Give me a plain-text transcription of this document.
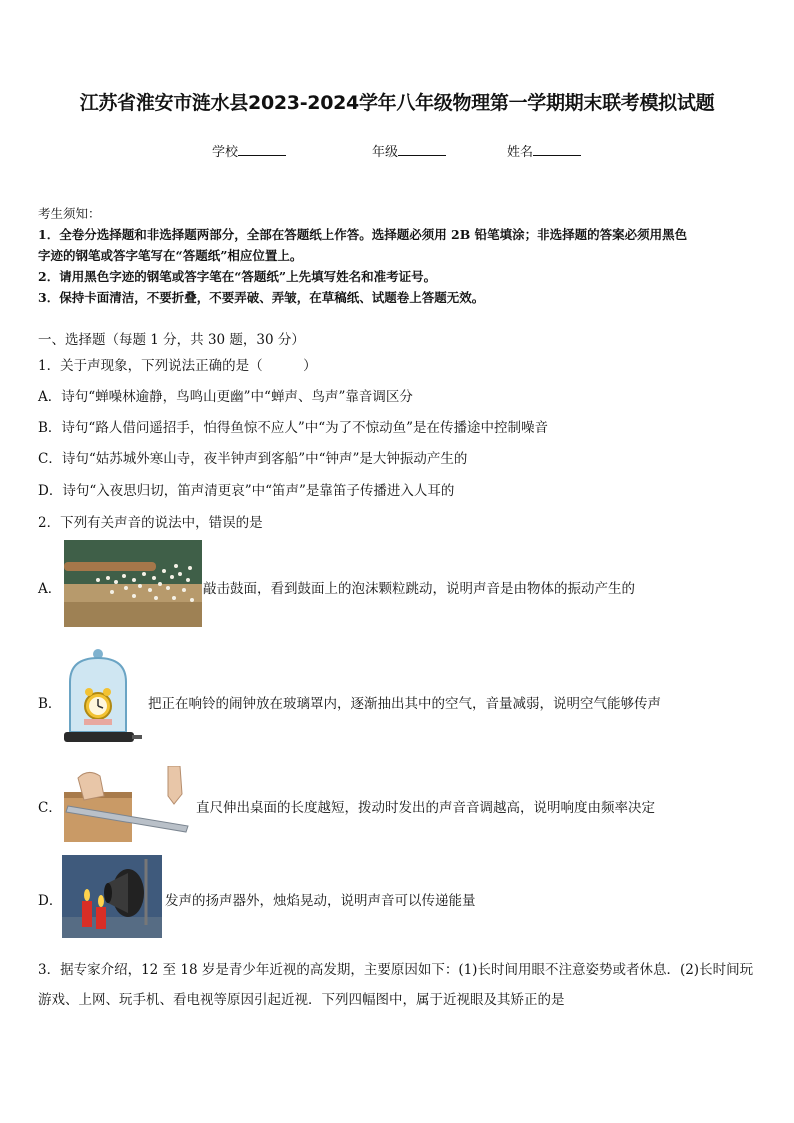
江苏省淮安市涟水县2023-2024学年八年级物理第一学期期末联考模拟试题
学校	年级	姓名
考生须知：
1．全卷分选择题和非选择题两部分，全部在答题纸上作答。选择题必须用 2B 铅笔填涂；非选择题的答案必须用黑色
字迹的钢笔或答字笔写在“答题纸”相应位置上。
2．请用黑色字迹的钢笔或答字笔在“答题纸”上先填写姓名和准考证号。
3．保持卡面清洁，不要折叠，不要弄破、弄皱，在草稿纸、试题卷上答题无效。
一、选择题（每题 1 分，共 30 题，30 分）
1．关于声现象，下列说法正确的是（　　　）
A．诗句“蝉噪林逾静，鸟鸣山更幽”中“蝉声、鸟声”靠音调区分
B．诗句“路人借问遥招手，怕得鱼惊不应人”中“为了不惊动鱼”是在传播途中控制噪音
C．诗句“姑苏城外寒山寺，夜半钟声到客船”中“钟声”是大钟振动产生的
D．诗句“入夜思归切，笛声清更哀”中“笛声”是靠笛子传播进入人耳的
2．下列有关声音的说法中，错误的是
A．	敲击鼓面，看到鼓面上的泡沫颗粒跳动，说明声音是由物体的振动产生的
B．	把正在响铃的闹钟放在玻璃罩内，逐渐抽出其中的空气，音量减弱，说明空气能够传声
C．	直尺伸出桌面的长度越短，拨动时发出的声音音调越高，说明响度由频率决定
D．	发声的扬声器外，烛焰晃动，说明声音可以传递能量
3．据专家介绍，12 至 18 岁是青少年近视的高发期，主要原因如下：(1)长时间用眼不注意姿势或者休息．(2)长时间玩
游戏、上网、玩手机、看电视等原因引起近视．下列四幅图中，属于近视眼及其矫正的是
